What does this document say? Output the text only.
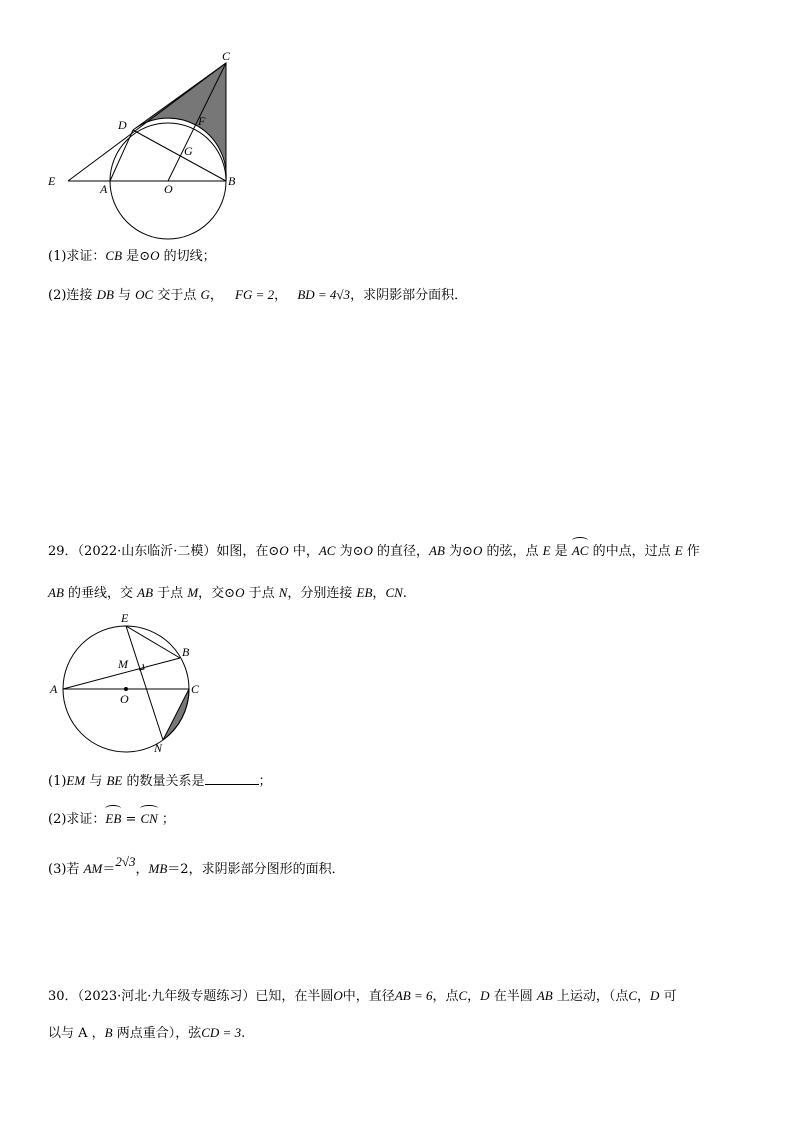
C
D	F
G
E
A	O
B
(1)求证：CB 是⊙O 的切线；
(2)连接 DB 与 OC 交于点 G， FG = 2， BD = 4√3，求阴影部分面积．
29．（2022·山东临沂·二模）如图，在⊙O 中，AC 为⊙O 的直径，AB 为⊙O 的弦，点 E 是 AC 的中点，过点 E 作
AB 的垂线，交 AB 于点 M，交⊙O 于点 N，分别连接 EB，CN.
E
B
M
A
O
C
N
(1)EM 与 BE 的数量关系是	；
(2)求证：EB = CN ；
(3)若 AM＝2√3，MB＝2，求阴影部分图形的面积．
30．（2023·河北·九年级专题练习）已知，在半圆O中，直径AB = 6，点C，D 在半圆 AB 上运动，（点C，D 可
以与 A ，B 两点重合），弦CD = 3.
